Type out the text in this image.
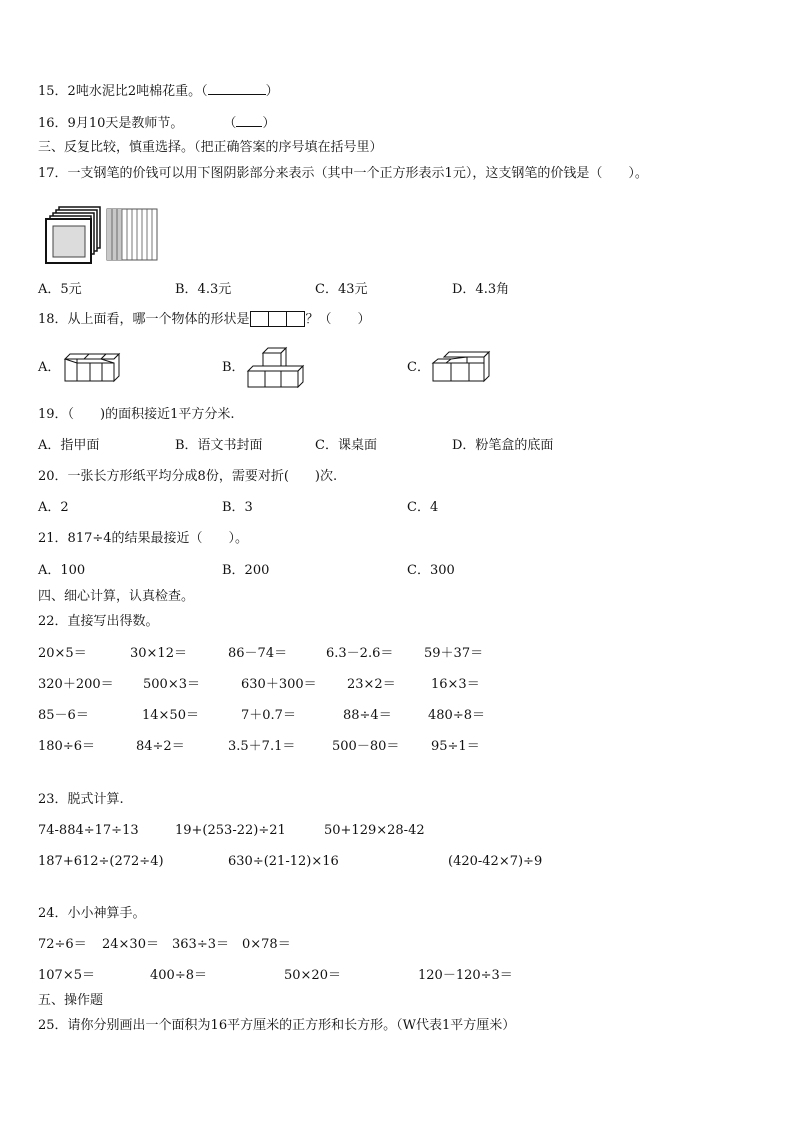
15．2吨水泥比2吨棉花重。（	）
16．9月10天是教师节。	（ ）
三、反复比较，慎重选择。（把正确答案的序号填在括号里）
17．一支钢笔的价钱可以用下图阴影部分来表示（其中一个正方形表示1元），这支钢笔的价钱是（　　）。
A．5元	B．4.3元	C．43元	D．4.3角
18．从上面看，哪一个物体的形状是	？（　　）
A．	B．	C．
19．（　　)的面积接近1平方分米.
A．指甲面	B．语文书封面	C．课桌面	D．粉笔盒的底面
20．一张长方形纸平均分成8份，需要对折(　　)次.
A．2	B．3	C．4
21．817÷4的结果最接近（　　）。
A．100	B．200	C．300
四、细心计算，认真检查。
22．直接写出得数。
20×5＝	30×12＝	86－74＝	6.3－2.6＝ 59＋37＝
320＋200＝ 500×3＝	630＋300＝ 23×2＝	16×3＝
85－6＝	14×50＝	7＋0.7＝	88÷4＝	480÷8＝
180÷6＝	84÷2＝	3.5＋7.1＝	500－80＝ 95÷1＝
23．脱式计算.
74-884÷17÷13	19+(253-22)÷21	50+129×28-42
187+612÷(272÷4)	630÷(21-12)×16	(420-42×7)÷9
24．小小神算手。
72÷6＝ 24×30＝ 363÷3＝ 0×78＝
107×5＝	400÷8＝	50×20＝	120－120÷3＝
五、操作题
25．请你分别画出一个面积为16平方厘米的正方形和长方形。（W代表1平方厘米）
